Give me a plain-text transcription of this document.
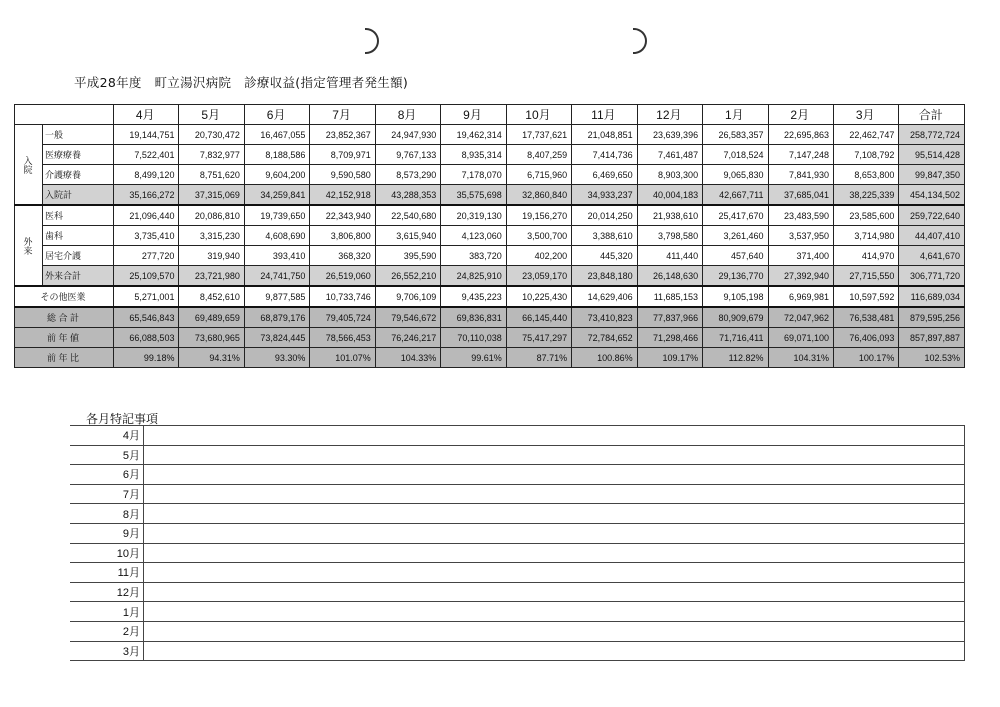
平成28年度　町立湯沢病院　診療収益(指定管理者発生額)
		4月	5月	6月	7月	8月	9月	10月	11月	12月	1月	2月	3月	合計
入院	一般	19,144,751	20,730,472	16,467,055	23,852,367	24,947,930	19,462,314	17,737,621	21,048,851	23,639,396	26,583,357	22,695,863	22,462,747	258,772,724
	医療療養	7,522,401	7,832,977	8,188,586	8,709,971	9,767,133	8,935,314	8,407,259	7,414,736	7,461,487	7,018,524	7,147,248	7,108,792	95,514,428
	介護療養	8,499,120	8,751,620	9,604,200	9,590,580	8,573,290	7,178,070	6,715,960	6,469,650	8,903,300	9,065,830	7,841,930	8,653,800	99,847,350
	入院計	35,166,272	37,315,069	34,259,841	42,152,918	43,288,353	35,575,698	32,860,840	34,933,237	40,004,183	42,667,711	37,685,041	38,225,339	454,134,502
外来	医科	21,096,440	20,086,810	19,739,650	22,343,940	22,540,680	20,319,130	19,156,270	20,014,250	21,938,610	25,417,670	23,483,590	23,585,600	259,722,640
	歯科	3,735,410	3,315,230	4,608,690	3,806,800	3,615,940	4,123,060	3,500,700	3,388,610	3,798,580	3,261,460	3,537,950	3,714,980	44,407,410
	居宅介護	277,720	319,940	393,410	368,320	395,590	383,720	402,200	445,320	411,440	457,640	371,400	414,970	4,641,670
	外来合計	25,109,570	23,721,980	24,741,750	26,519,060	26,552,210	24,825,910	23,059,170	23,848,180	26,148,630	29,136,770	27,392,940	27,715,550	306,771,720
その他医業		5,271,001	8,452,610	9,877,585	10,733,746	9,706,109	9,435,223	10,225,430	14,629,406	11,685,153	9,105,198	6,969,981	10,597,592	116,689,034
総 合 計		65,546,843	69,489,659	68,879,176	79,405,724	79,546,672	69,836,831	66,145,440	73,410,823	77,837,966	80,909,679	72,047,962	76,538,481	879,595,256
前 年 値		66,088,503	73,680,965	73,824,445	78,566,453	76,246,217	70,110,038	75,417,297	72,784,652	71,298,466	71,716,411	69,071,100	76,406,093	857,897,887
前 年 比		99.18%	94.31%	93.30%	101.07%	104.33%	99.61%	87.71%	100.86%	109.17%	112.82%	104.31%	100.17%	102.53%
各月特記事項
4月	
5月	
6月	
7月	
8月	
9月	
10月	
11月	
12月	
1月	
2月	
3月	
